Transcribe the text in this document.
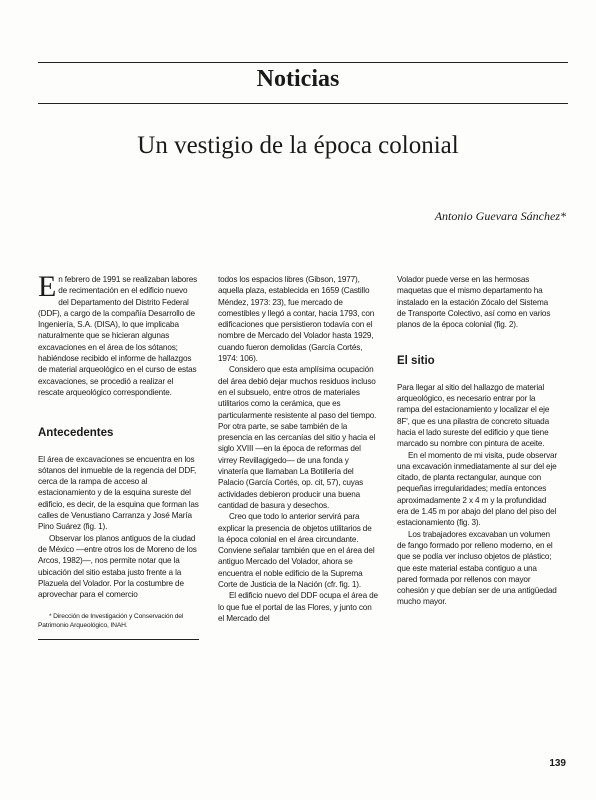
Noticias
Un vestigio de la época colonial

Antonio Guevara Sánchez*

En febrero de 1991 se realizaban labores de recimentación en el edificio nuevo del Departamento del Distrito Federal (DDF), a cargo de la compañía Desarrollo de Ingeniería, S.A. (DISA), lo que implicaba naturalmente que se hicieran algunas excavaciones en el área de los sótanos; habiéndose recibido el informe de hallazgos de material arqueológico en el curso de estas excavaciones, se procedió a realizar el rescate arqueológico correspondiente.

Antecedentes

El área de excavaciones se encuentra en los sótanos del inmueble de la regencia del DDF, cerca de la rampa de acceso al estacionamiento y de la esquina sureste del edificio, es decir, de la esquina que forman las calles de Venustiano Carranza y José María Pino Suárez (fig. 1).

Observar los planos antiguos de la ciudad de México —entre otros los de Moreno de los Arcos, 1982)—, nos permite notar que la ubicación del sitio estaba justo frente a la Plazuela del Volador. Por la costumbre de aprovechar para el comercio

* Dirección de Investigación y Conservación del Patrimonio Arqueológico, INAH.

todos los espacios libres (Gibson, 1977), aquella plaza, establecida en 1659 (Castillo Méndez, 1973: 23), fue mercado de comestibles y llegó a contar, hacia 1793, con edificaciones que persistieron todavía con el nombre de Mercado del Volador hasta 1929, cuando fueron demolidas (García Cortés, 1974: 106).

Considero que esta amplísima ocupación del área debió dejar muchos residuos incluso en el subsuelo, entre otros de materiales utilitarios como la cerámica, que es particularmente resistente al paso del tiempo. Por otra parte, se sabe también de la presencia en las cercanías del sitio y hacia el siglo XVIII —en la época de reformas del virrey Revillagigedo— de una fonda y vinatería que llamaban La Botillería del Palacio (García Cortés, op. cit, 57), cuyas actividades debieron producir una buena cantidad de basura y desechos.

Creo que todo lo anterior servirá para explicar la presencia de objetos utilitarios de la época colonial en el área circundante. Conviene señalar también que en el área del antiguo Mercado del Volador, ahora se encuentra el noble edificio de la Suprema Corte de Justicia de la Nación (cfr. fig. 1).

El edificio nuevo del DDF ocupa el área de lo que fue el portal de las Flores, y junto con el Mercado del

Volador puede verse en las hermosas maquetas que el mismo departamento ha instalado en la estación Zócalo del Sistema de Transporte Colectivo, así como en varios planos de la época colonial (fig. 2).

El sitio

Para llegar al sitio del hallazgo de material arqueológico, es necesario entrar por la rampa del estacionamiento y localizar el eje 8F', que es una pilastra de concreto situada hacia el lado sureste del edificio y que tiene marcado su nombre con pintura de aceite.

En el momento de mi visita, pude observar una excavación inmediatamente al sur del eje citado, de planta rectangular, aunque con pequeñas irregularidades; medía entonces aproximadamente 2 x 4 m y la profundidad era de 1.45 m por abajo del plano del piso del estacionamiento (fig. 3).

Los trabajadores excavaban un volumen de fango formado por relleno moderno, en el que se podía ver incluso objetos de plástico; que este material estaba contiguo a una pared formada por rellenos con mayor cohesión y que debían ser de una antigüedad mucho mayor.

139
